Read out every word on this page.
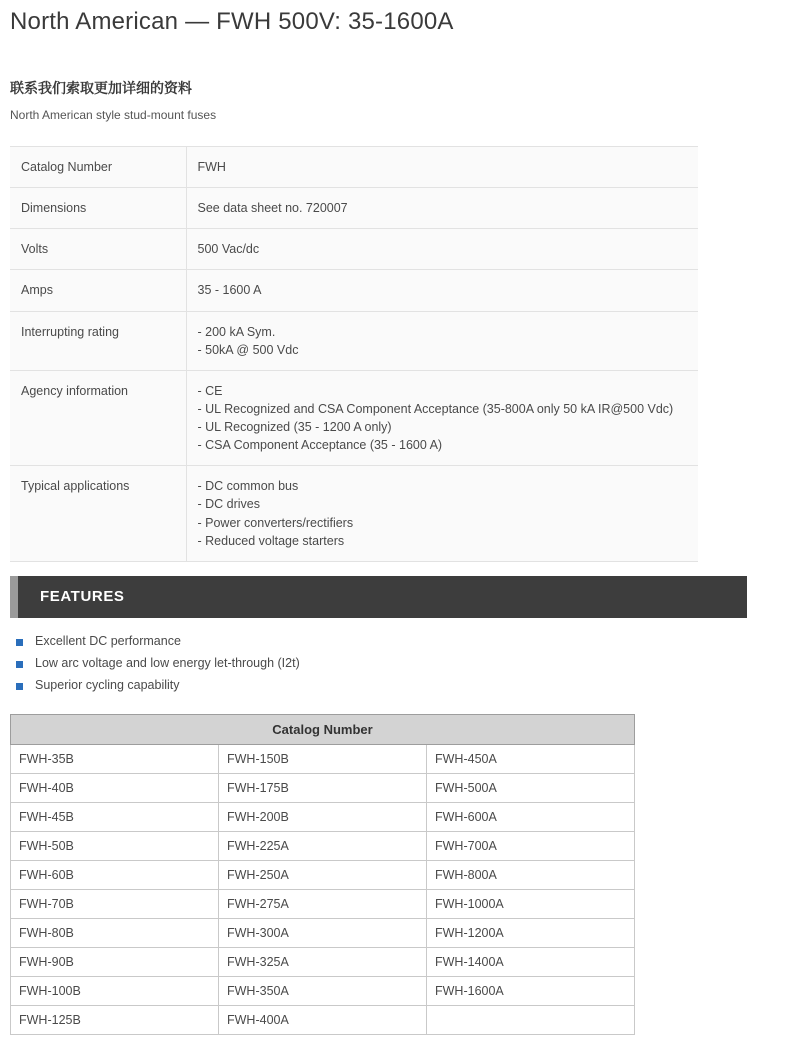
North American — FWH 500V: 35-1600A
联系我们索取更加详细的资料
North American style stud-mount fuses
Catalog Number	FWH

Dimensions	See data sheet no. 720007

Volts	500 Vac/dc

Amps	35 - 1600 A

Interrupting rating	- 200 kA Sym.
- 50kA @ 500 Vdc

Agency information	- CE
- UL Recognized and CSA Component Acceptance (35-800A only 50 kA IR@500 Vdc)
- UL Recognized (35 - 1200 A only)
- CSA Component Acceptance (35 - 1600 A)

Typical applications	- DC common bus
- DC drives
- Power converters/rectifiers
- Reduced voltage starters
FEATURES
Excellent DC performance
Low arc voltage and low energy let-through (I2t)
Superior cycling capability
Catalog Number		
FWH-35B	FWH-150B	FWH-450A
FWH-40B	FWH-175B	FWH-500A
FWH-45B	FWH-200B	FWH-600A
FWH-50B	FWH-225A	FWH-700A
FWH-60B	FWH-250A	FWH-800A
FWH-70B	FWH-275A	FWH-1000A
FWH-80B	FWH-300A	FWH-1200A
FWH-90B	FWH-325A	FWH-1400A
FWH-100B	FWH-350A	FWH-1600A
FWH-125B	FWH-400A	
